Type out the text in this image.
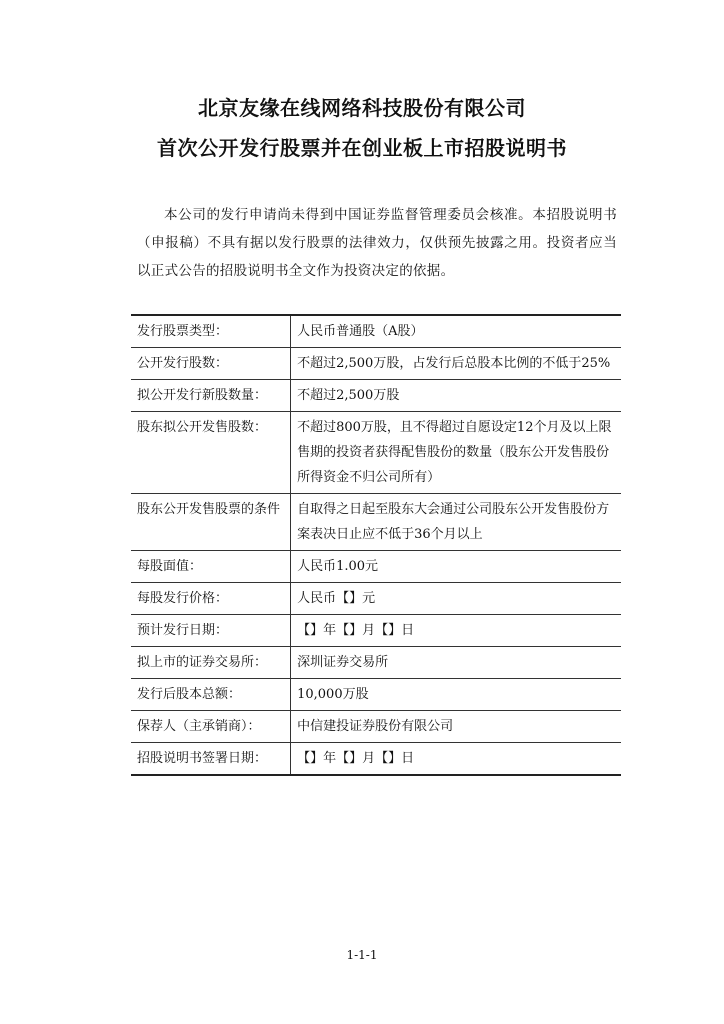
北京友缘在线网络科技股份有限公司
首次公开发行股票并在创业板上市招股说明书
本公司的发行申请尚未得到中国证券监督管理委员会核准。本招股说明书（申报稿）不具有据以发行股票的法律效力，仅供预先披露之用。投资者应当以正式公告的招股说明书全文作为投资决定的依据。
发行股票类型：	人民币普通股（A股）
公开发行股数：	不超过2,500万股，占发行后总股本比例的不低于25%
拟公开发行新股数量：	不超过2,500万股
股东拟公开发售股数：	不超过800万股，且不得超过自愿设定12个月及以上限售期的投资者获得配售股份的数量（股东公开发售股份所得资金不归公司所有）
股东公开发售股票的条件	自取得之日起至股东大会通过公司股东公开发售股份方案表决日止应不低于36个月以上
每股面值：	人民币1.00元
每股发行价格：	人民币【】元
预计发行日期：	【】年【】月【】日
拟上市的证券交易所：	深圳证券交易所
发行后股本总额：	10,000万股
保荐人（主承销商）：	中信建投证券股份有限公司
招股说明书签署日期：	【】年【】月【】日
1-1-1
